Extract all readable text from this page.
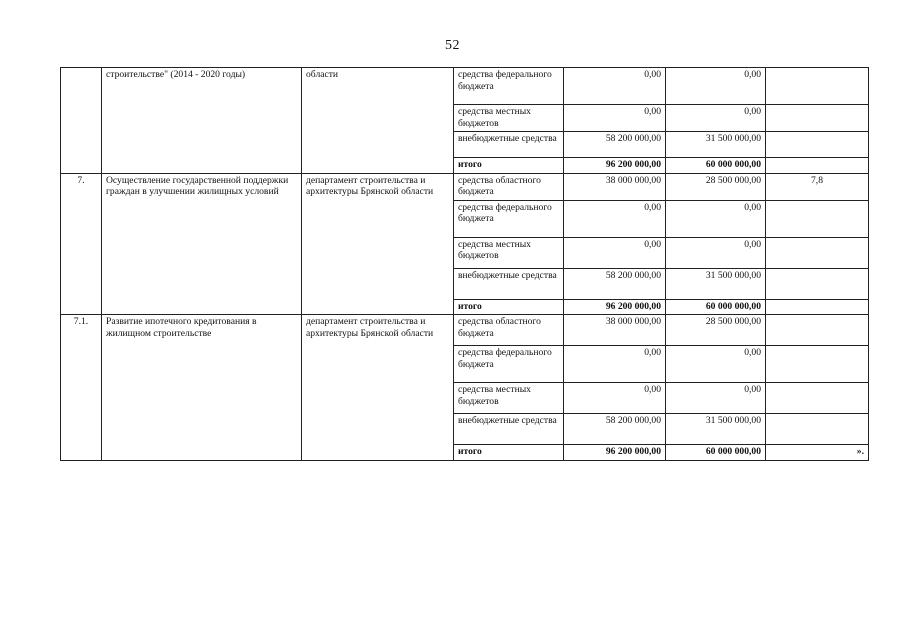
52
	строительстве" (2014 - 2020 годы)	области	средства федерального бюджета	0,00	0,00	
			средства местных бюджетов	0,00	0,00	
			внебюджетные средства	58 200 000,00	31 500 000,00	
			итого	96 200 000,00	60 000 000,00	
7.	Осуществление государственной поддержки граждан в улучшении жилищных условий	департамент строительства и архитектуры Брянской области	средства областного бюджета	38 000 000,00	28 500 000,00	7,8
			средства федерального бюджета	0,00	0,00	
			средства местных бюджетов	0,00	0,00	
			внебюджетные средства	58 200 000,00	31 500 000,00	
			итого	96 200 000,00	60 000 000,00	
7.1.	Развитие ипотечного кредитования в жилищном строительстве	департамент строительства и архитектуры Брянской области	средства областного бюджета	38 000 000,00	28 500 000,00	
			средства федерального бюджета	0,00	0,00	
			средства местных бюджетов	0,00	0,00	
			внебюджетные средства	58 200 000,00	31 500 000,00	
			итого	96 200 000,00	60 000 000,00	».
